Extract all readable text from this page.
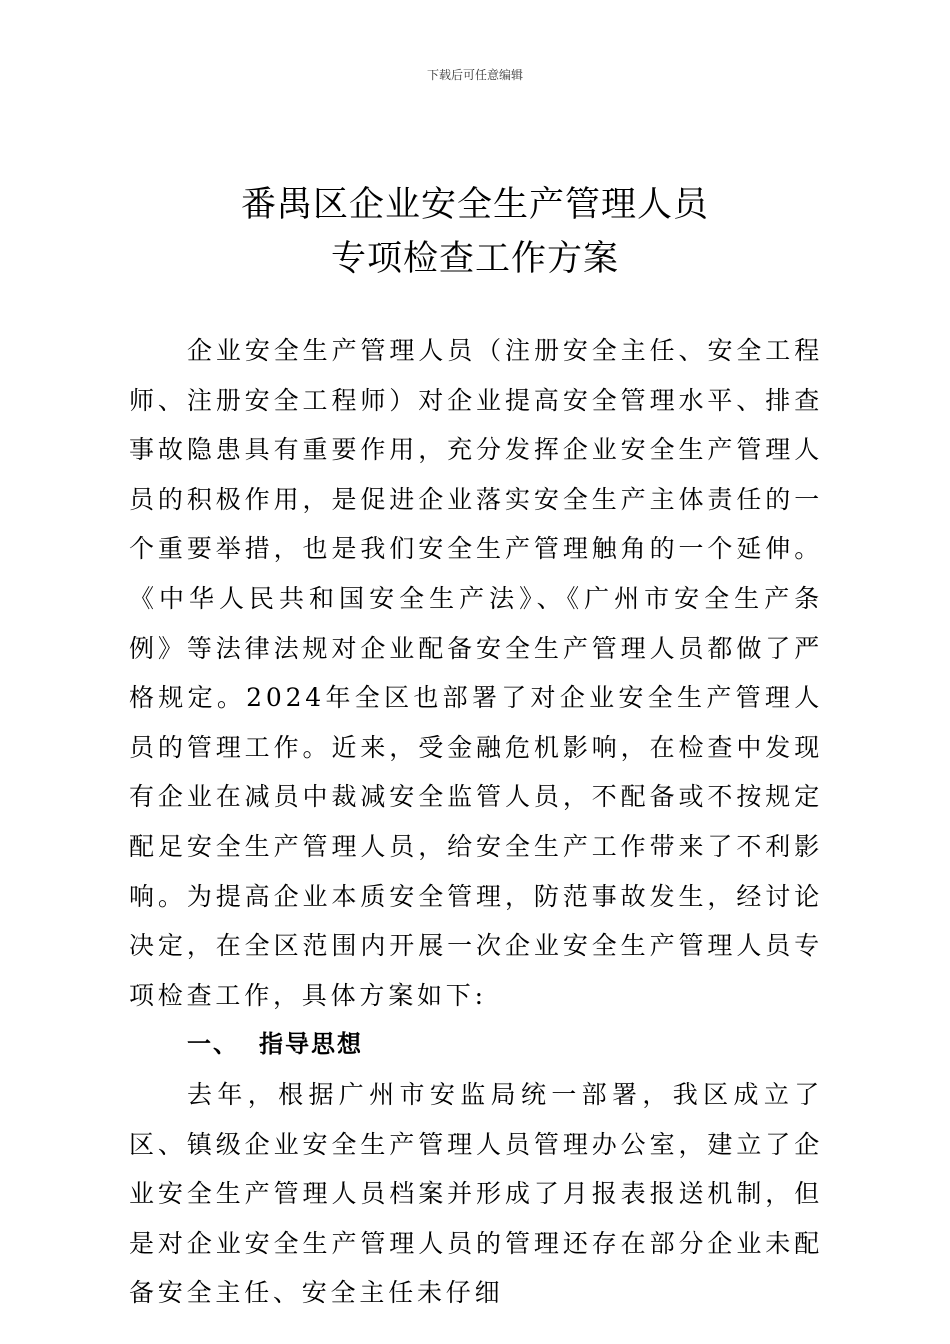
下载后可任意编辑
番禺区企业安全生产管理人员
专项检查工作方案

企业安全生产管理人员（注册安全主任、安全工程师、注册安全工程师）对企业提高安全管理水平、排查事故隐患具有重要作用，充分发挥企业安全生产管理人员的积极作用，是促进企业落实安全生产主体责任的一个重要举措，也是我们安全生产管理触角的一个延伸。《中华人民共和国安全生产法》、《广州市安全生产条例》等法律法规对企业配备安全生产管理人员都做了严格规定。2024年全区也部署了对企业安全生产管理人员的管理工作。近来，受金融危机影响，在检查中发现有企业在减员中裁减安全监管人员，不配备或不按规定配足安全生产管理人员，给安全生产工作带来了不利影响。为提高企业本质安全管理，防范事故发生，经讨论决定，在全区范围内开展一次企业安全生产管理人员专项检查工作，具体方案如下:

一、 指导思想

去年，根据广州市安监局统一部署，我区成立了区、镇级企业安全生产管理人员管理办公室，建立了企业安全生产管理人员档案并形成了月报表报送机制，但是对企业安全生产管理人员的管理还存在部分企业未配备安全主任、安全主任未仔细
